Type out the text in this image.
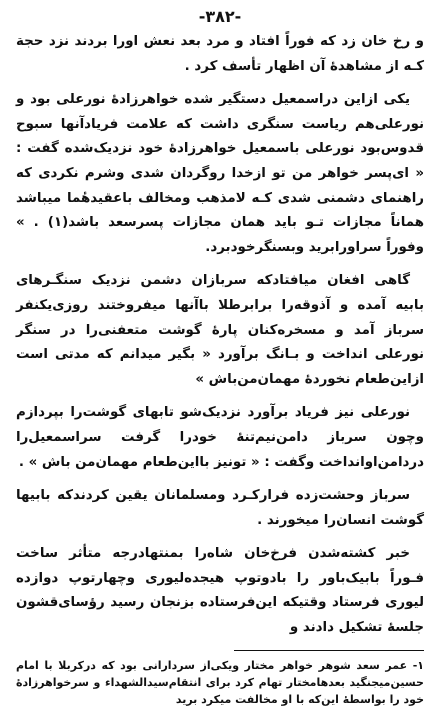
-۳۸۲-

و رخ خان زد که فوراً افتاد و مرد بعد نعش اورا بردند نزد حجة کـه از مشاهدهٔ آن اظهار تأسف کرد .

یکی ازاین دراسمعیل دستگیر شده خواهرزادهٔ نورعلی بود و نورعلی‌هم ریاست سنگری داشت که علامت فریادآنها سبوح قدوس‌بود نورعلی باسمعیل خواهرزادهٔ خود نزدیک‌شده گفت : « ای‌پسر خواهر من تو ازخدا روگردان شدی وشرم نکردی که راهنمای دشمنی شدی کـه لامذهب ومخالف باعقیدهٔما میباشد هماناً مجازات تـو باید همان مجازات پسر‌سعد باشد(۱) . » وفوراً سراورابرید وبسنگرخودبرد.

گاهی افغان میافتادکه سربازان دشمن نزدیک سنگـرهای بابیه آمده و آذوقه‌را برابرطلا باآنها میفروختند روزی‌یکنفر سرباز آمد و مسخره‌کنان پارهٔ گوشت متعفنی‌را در سنگر نورعلی انداخت و بـانگ برآورد « بگیر میدانم که مدتی است ازاین‌طعام نخوردهٔ مهمان‌من‌باش »

نورعلی نیز فریاد برآورد نزدیک‌شو تابهای گوشت‌را بپردازم وچون سرباز دامن‌نیم‌تنهٔ خودرا گرفت سراسمعیل‌را دردامن‌اوانداخت وگفت : « تونیز بااین‌طعام مهمان‌من باش » .

سرباز وحشت‌زده فرارکـرد ومسلمانان یقین کردندکه بابیها گوشت انسان‌را میخورند .

خبر کشته‌شدن فرخ‌خان شاه‌را بمنتهادرجه متأثر ساخت فـوراً بابیک‌باور را بادوتوپ هیجده‌لیوری وچهارتوپ دوازده لیوری فرستاد وقتیکه این‌فرستاده بزنجان رسید رؤسای‌قشون جلسهٔ تشکیل دادند و

۱- عمر سعد شوهر خواهر مختار ویکی‌از سردارانی بود که درکربلا با امام حسین‌میجنگید بعدهامختار تهام کرد برای انتقام‌سیدالشهداء و سرخواهرزادهٔ خود را بواسطهٔ این‌که با او مخالفت میکرد برید
